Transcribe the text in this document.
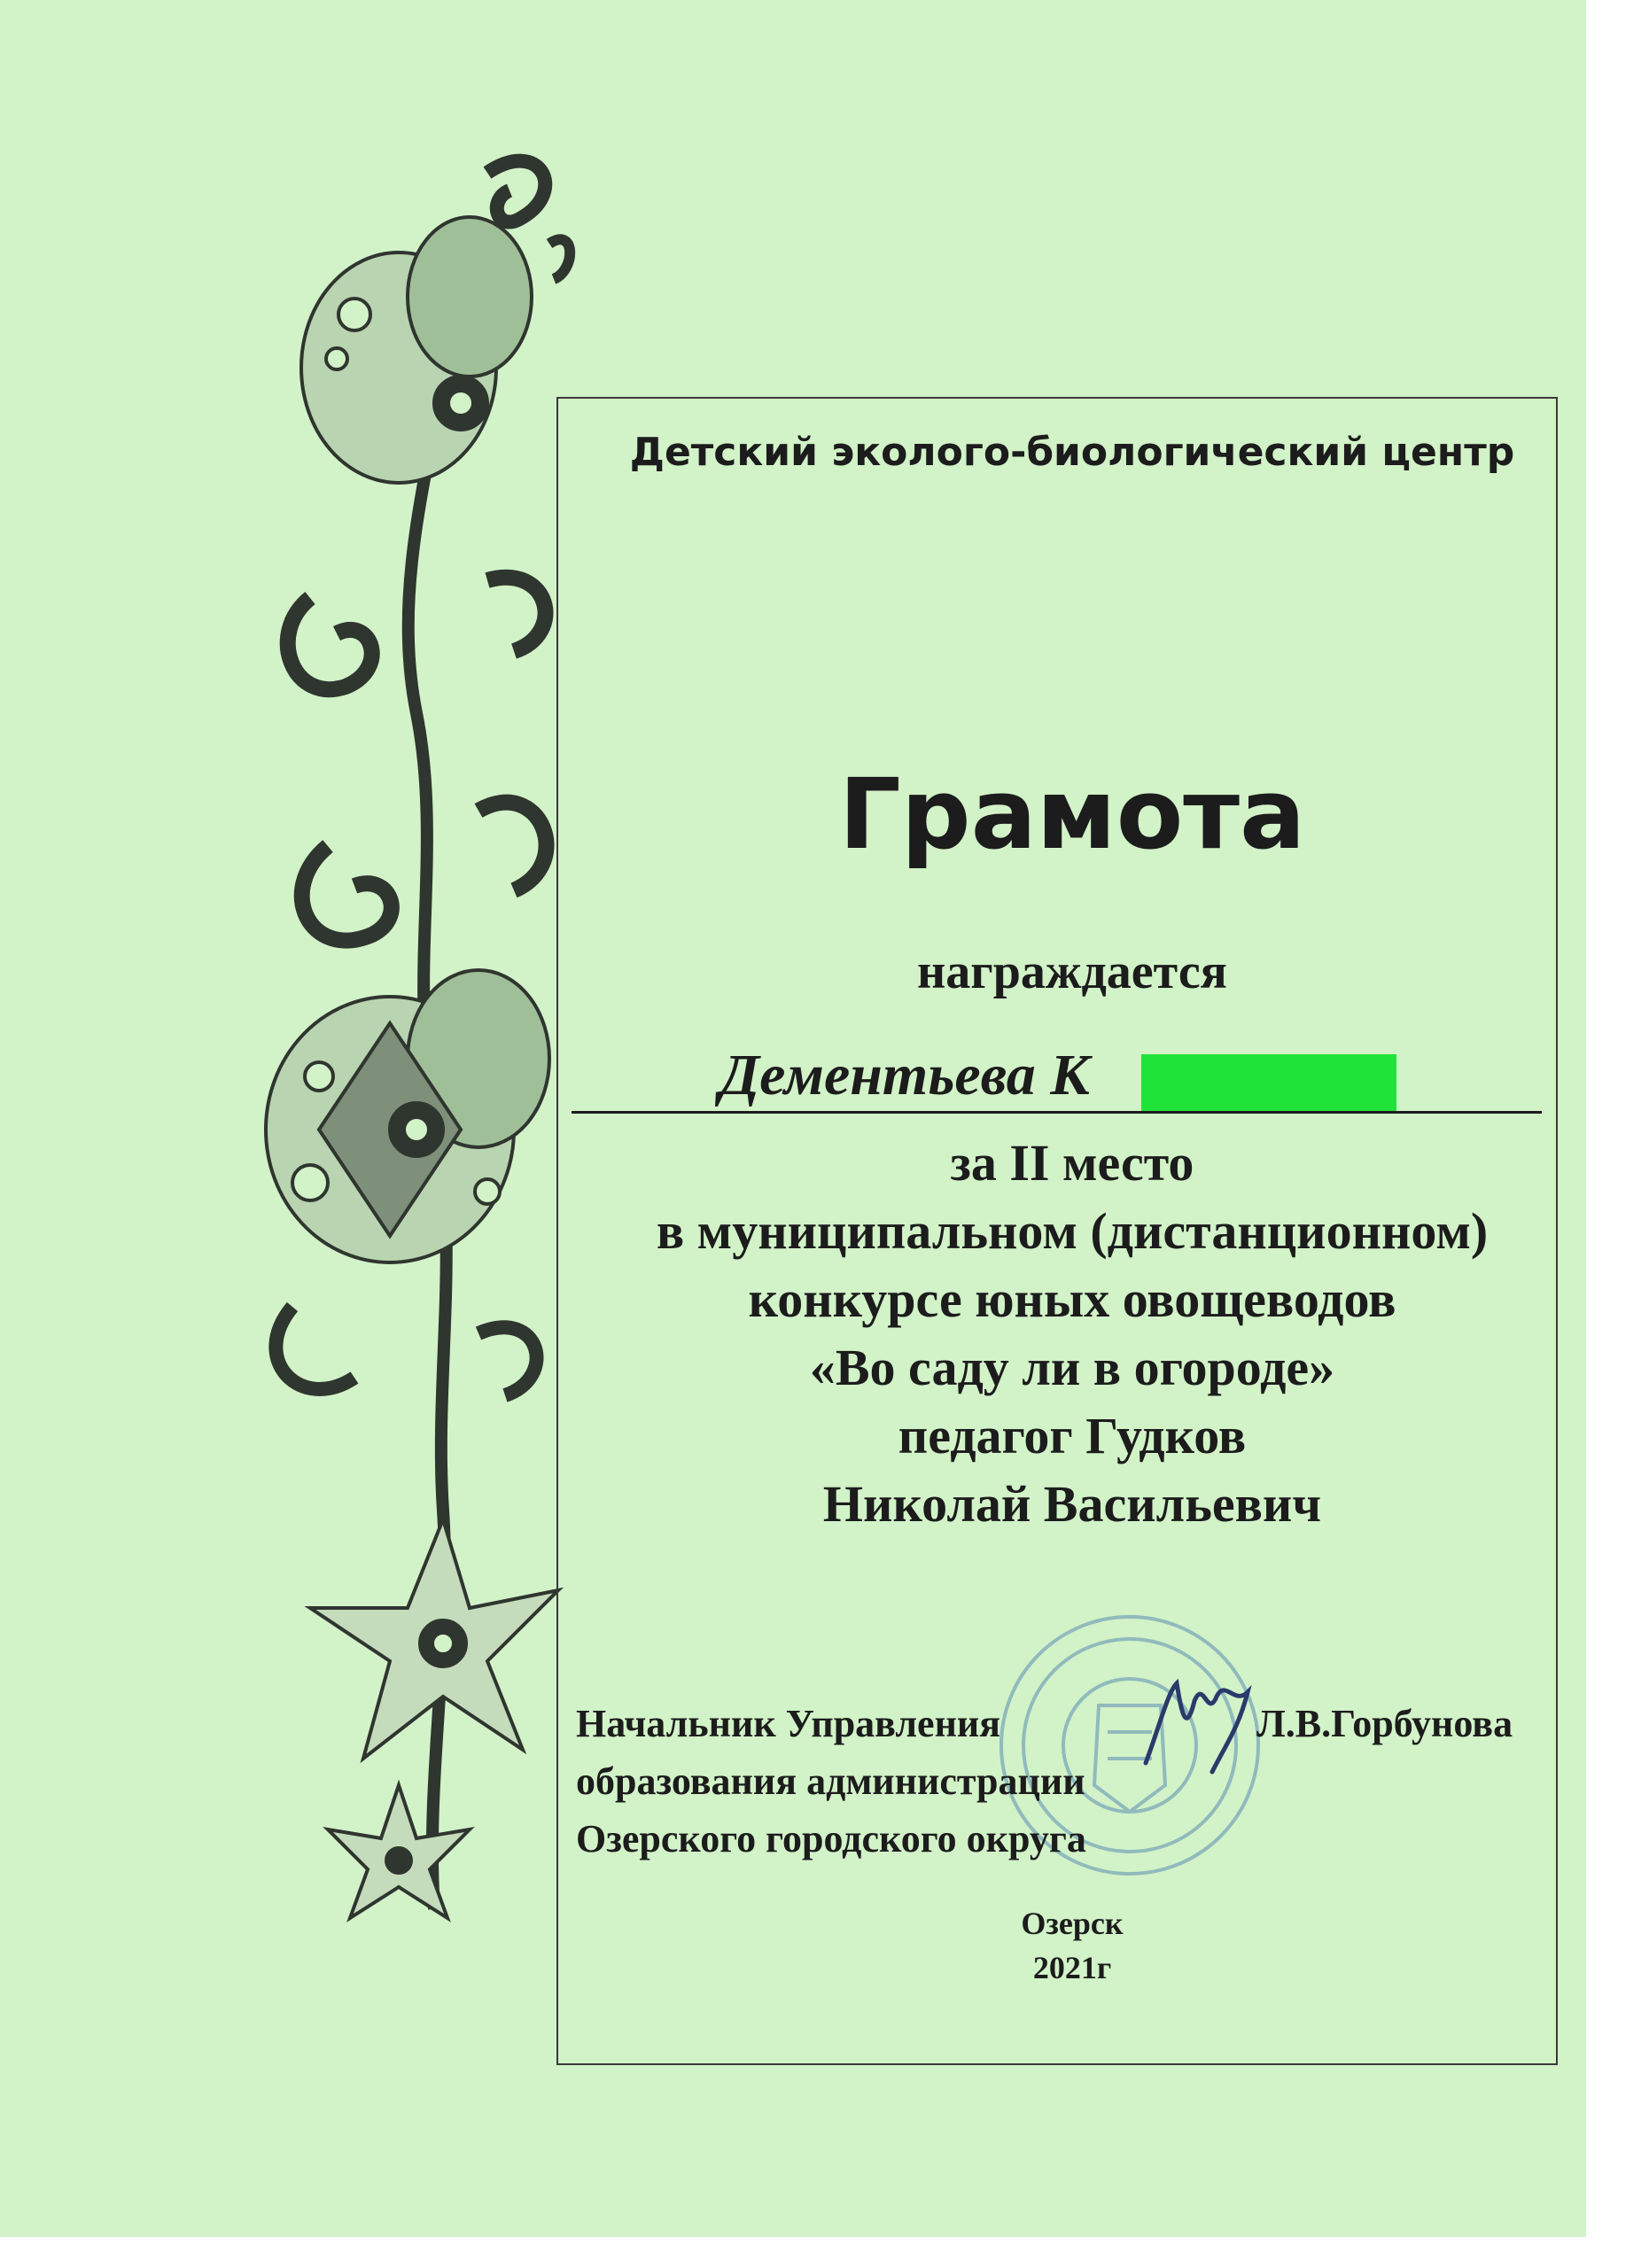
Детский эколого-биологический центр
Грамота
награждается
Дементьева К
за II место
в муниципальном (дистанционном)
конкурсе юных овощеводов
«Во саду ли в огороде»
педагог Гудков
Николай Васильевич
Начальник Управления
образования администрации
Озерского городского округа
Л.В.Горбунова
Озерск
2021г
